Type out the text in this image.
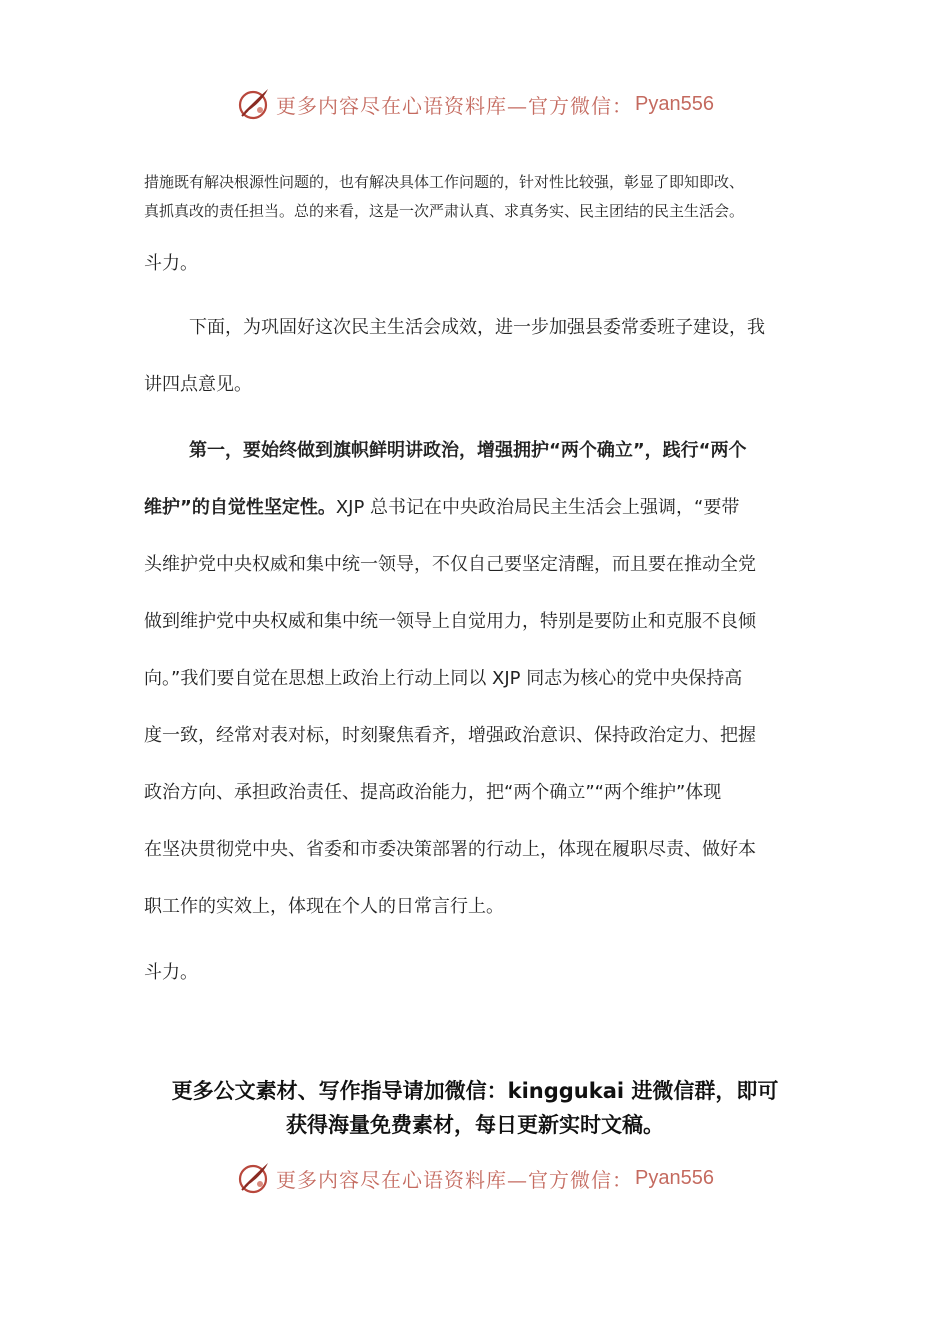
更多内容尽在心语资料库—官方微信： Pyan556

措施既有解决根源性问题的，也有解决具体工作问题的，针对性比较强，彰显了即知即改、

真抓真改的责任担当。总的来看，这是一次严肃认真、求真务实、民主团结的民主生活会。

斗力。

下面，为巩固好这次民主生活会成效，进一步加强县委常委班子建设，我

讲四点意见。

第一，要始终做到旗帜鲜明讲政治，增强拥护“两个确立”，践行“两个

维护”的自觉性坚定性。XJP 总书记在中央政治局民主生活会上强调，“要带

头维护党中央权威和集中统一领导，不仅自己要坚定清醒，而且要在推动全党

做到维护党中央权威和集中统一领导上自觉用力，特别是要防止和克服不良倾

向。”我们要自觉在思想上政治上行动上同以 XJP 同志为核心的党中央保持高

度一致，经常对表对标，时刻聚焦看齐，增强政治意识、保持政治定力、把握

政治方向、承担政治责任、提高政治能力，把“两个确立”“两个维护”体现

在坚决贯彻党中央、省委和市委决策部署的行动上，体现在履职尽责、做好本

职工作的实效上，体现在个人的日常言行上。

斗力。

更多公文素材、写作指导请加微信：kinggukai 进微信群，即可

获得海量免费素材，每日更新实时文稿。

更多内容尽在心语资料库—官方微信： Pyan556
